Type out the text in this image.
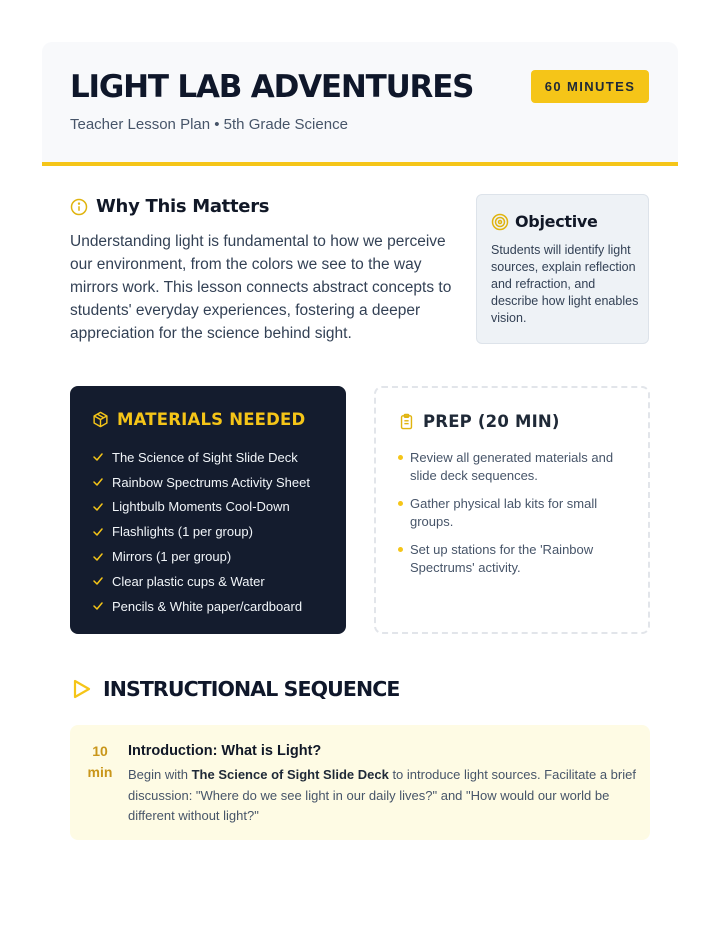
LIGHT LAB ADVENTURES
Teacher Lesson Plan • 5th Grade Science
60 MINUTES
Why This Matters

Understanding light is fundamental to how we perceive our environment, from the colors we see to the way mirrors work. This lesson connects abstract concepts to students' everyday experiences, fostering a deeper appreciation for the science behind sight.

Objective

Students will identify light sources, explain reflection and refraction, and describe how light enables vision.

MATERIALS NEEDED
The Science of Sight Slide Deck
Rainbow Spectrums Activity Sheet
Lightbulb Moments Cool-Down
Flashlights (1 per group)
Mirrors (1 per group)
Clear plastic cups & Water
Pencils & White paper/cardboard
PREP (20 MIN)
Review all generated materials and slide deck sequences.
Gather physical lab kits for small groups.
Set up stations for the 'Rainbow Spectrums' activity.
INSTRUCTIONAL SEQUENCE
10
min
Introduction: What is Light?

Begin with The Science of Sight Slide Deck to introduce light sources. Facilitate a brief discussion: "Where do we see light in our daily lives?" and "How would our world be different without light?"
